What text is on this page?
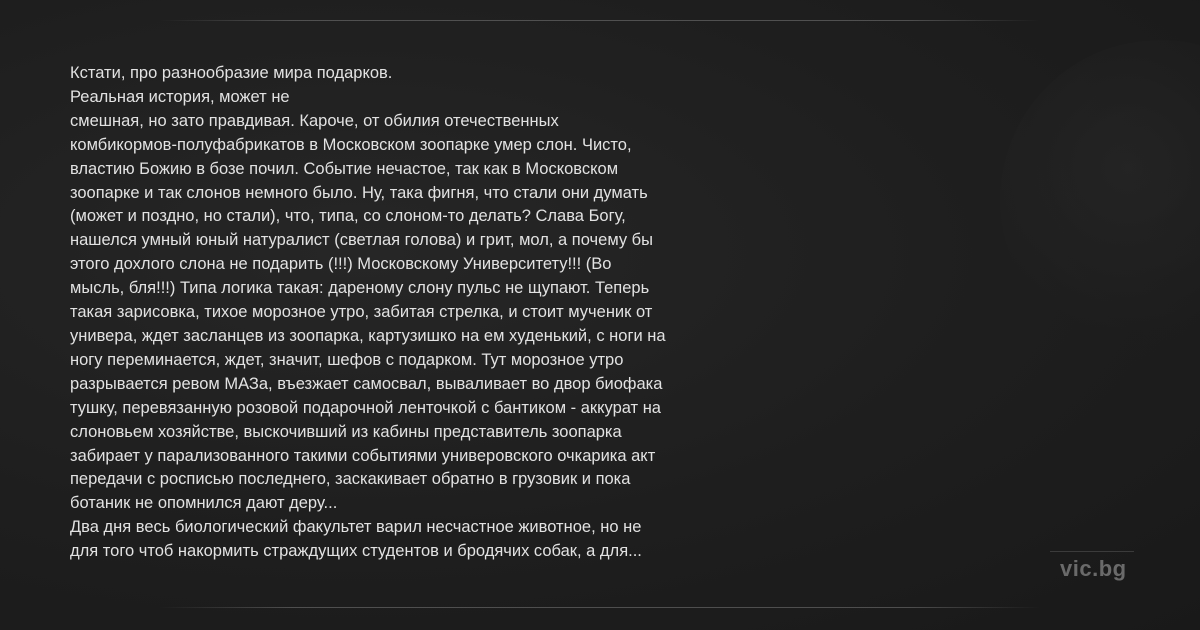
Кстати, про разнообразие мира подарков.
Реальная история, может не
смешная, но зато правдивая. Кароче, от обилия отечественных
комбикормов-полуфабрикатов в Московском зоопарке умер слон. Чисто,
властию Божию в бозе почил. Событие нечастое, так как в Московском
зоопарке и так слонов немного было. Ну, така фигня, что стали они думать
(может и поздно, но стали), что, типа, со слоном-то делать? Слава Богу,
нашелся умный юный натуралист (светлая голова) и грит, мол, а почему бы
этого дохлого слона не подарить (!!!) Московскому Университету!!! (Во
мысль, бля!!!) Типа логика такая: дареному слону пульс не щупают. Теперь
такая зарисовка, тихое морозное утро, забитая стрелка, и стоит мученик от
универа, ждет засланцев из зоопарка, картузишко на ем худенький, с ноги на
ногу переминается, ждет, значит, шефов с подарком. Тут морозное утро
разрывается ревом МАЗа, въезжает самосвал, вываливает во двор биофака
тушку, перевязанную розовой подарочной ленточкой с бантиком - аккурат на
слоновьем хозяйстве, выскочивший из кабины представитель зоопарка
забирает у парализованного такими событиями универовского очкарика акт
передачи с росписью последнего, заскакивает обратно в грузовик и пока
ботаник не опомнился дают деру...
Два дня весь биологический факультет варил несчастное животное, но не
для того чтоб накормить страждущих студентов и бродячих собак, а для...
vic.bg
